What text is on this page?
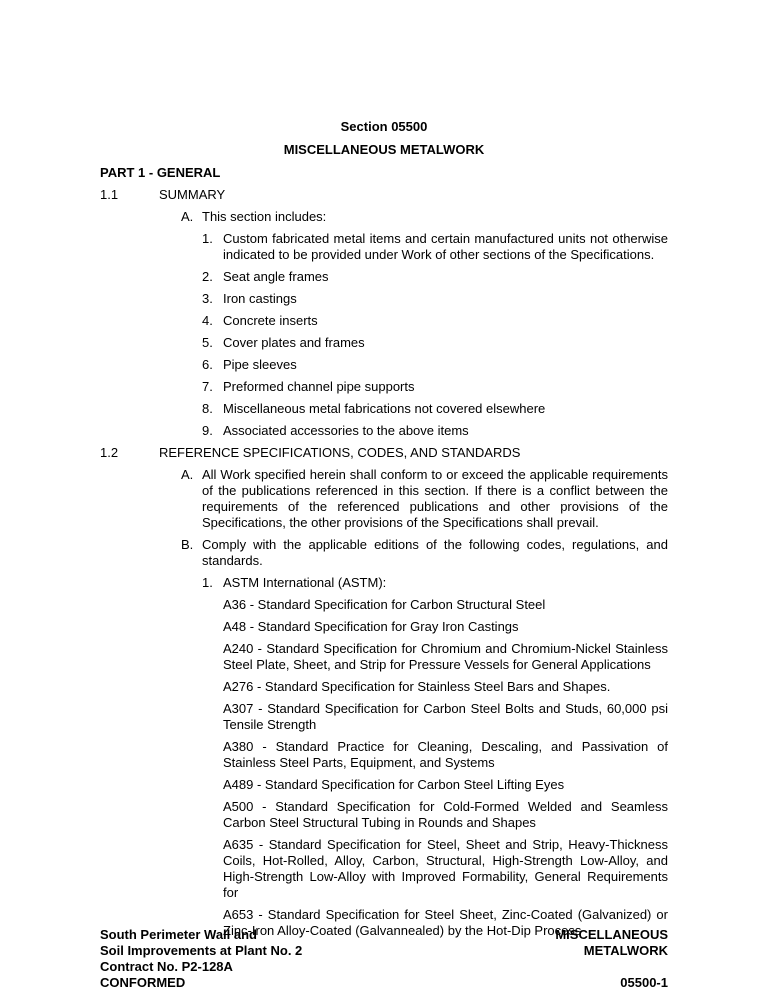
Section 05500
MISCELLANEOUS METALWORK
PART 1 - GENERAL
1.1	SUMMARY
A. This section includes:
1. Custom fabricated metal items and certain manufactured units not otherwise indicated to be provided under Work of other sections of the Specifications.
2. Seat angle frames
3. Iron castings
4. Concrete inserts
5. Cover plates and frames
6. Pipe sleeves
7. Preformed channel pipe supports
8. Miscellaneous metal fabrications not covered elsewhere
9. Associated accessories to the above items
1.2	REFERENCE SPECIFICATIONS, CODES, AND STANDARDS
A. All Work specified herein shall conform to or exceed the applicable requirements of the publications referenced in this section. If there is a conflict between the requirements of the referenced publications and other provisions of the Specifications, the other provisions of the Specifications shall prevail.
B. Comply with the applicable editions of the following codes, regulations, and standards.
1. ASTM International (ASTM):
A36 - Standard Specification for Carbon Structural Steel
A48 - Standard Specification for Gray Iron Castings
A240 - Standard Specification for Chromium and Chromium-Nickel Stainless Steel Plate, Sheet, and Strip for Pressure Vessels for General Applications
A276 - Standard Specification for Stainless Steel Bars and Shapes.
A307 - Standard Specification for Carbon Steel Bolts and Studs, 60,000 psi Tensile Strength
A380 - Standard Practice for Cleaning, Descaling, and Passivation of Stainless Steel Parts, Equipment, and Systems
A489 - Standard Specification for Carbon Steel Lifting Eyes
A500 - Standard Specification for Cold-Formed Welded and Seamless Carbon Steel Structural Tubing in Rounds and Shapes
A635 - Standard Specification for Steel, Sheet and Strip, Heavy-Thickness Coils, Hot-Rolled, Alloy, Carbon, Structural, High-Strength Low-Alloy, and High-Strength Low-Alloy with Improved Formability, General Requirements for
A653 - Standard Specification for Steel Sheet, Zinc-Coated (Galvanized) or Zinc-Iron Alloy-Coated (Galvannealed) by the Hot-Dip Process
South Perimeter Wall and
Soil Improvements at Plant No. 2
Contract No. P2-128A
CONFORMED
MISCELLANEOUS
METALWORK

05500-1
